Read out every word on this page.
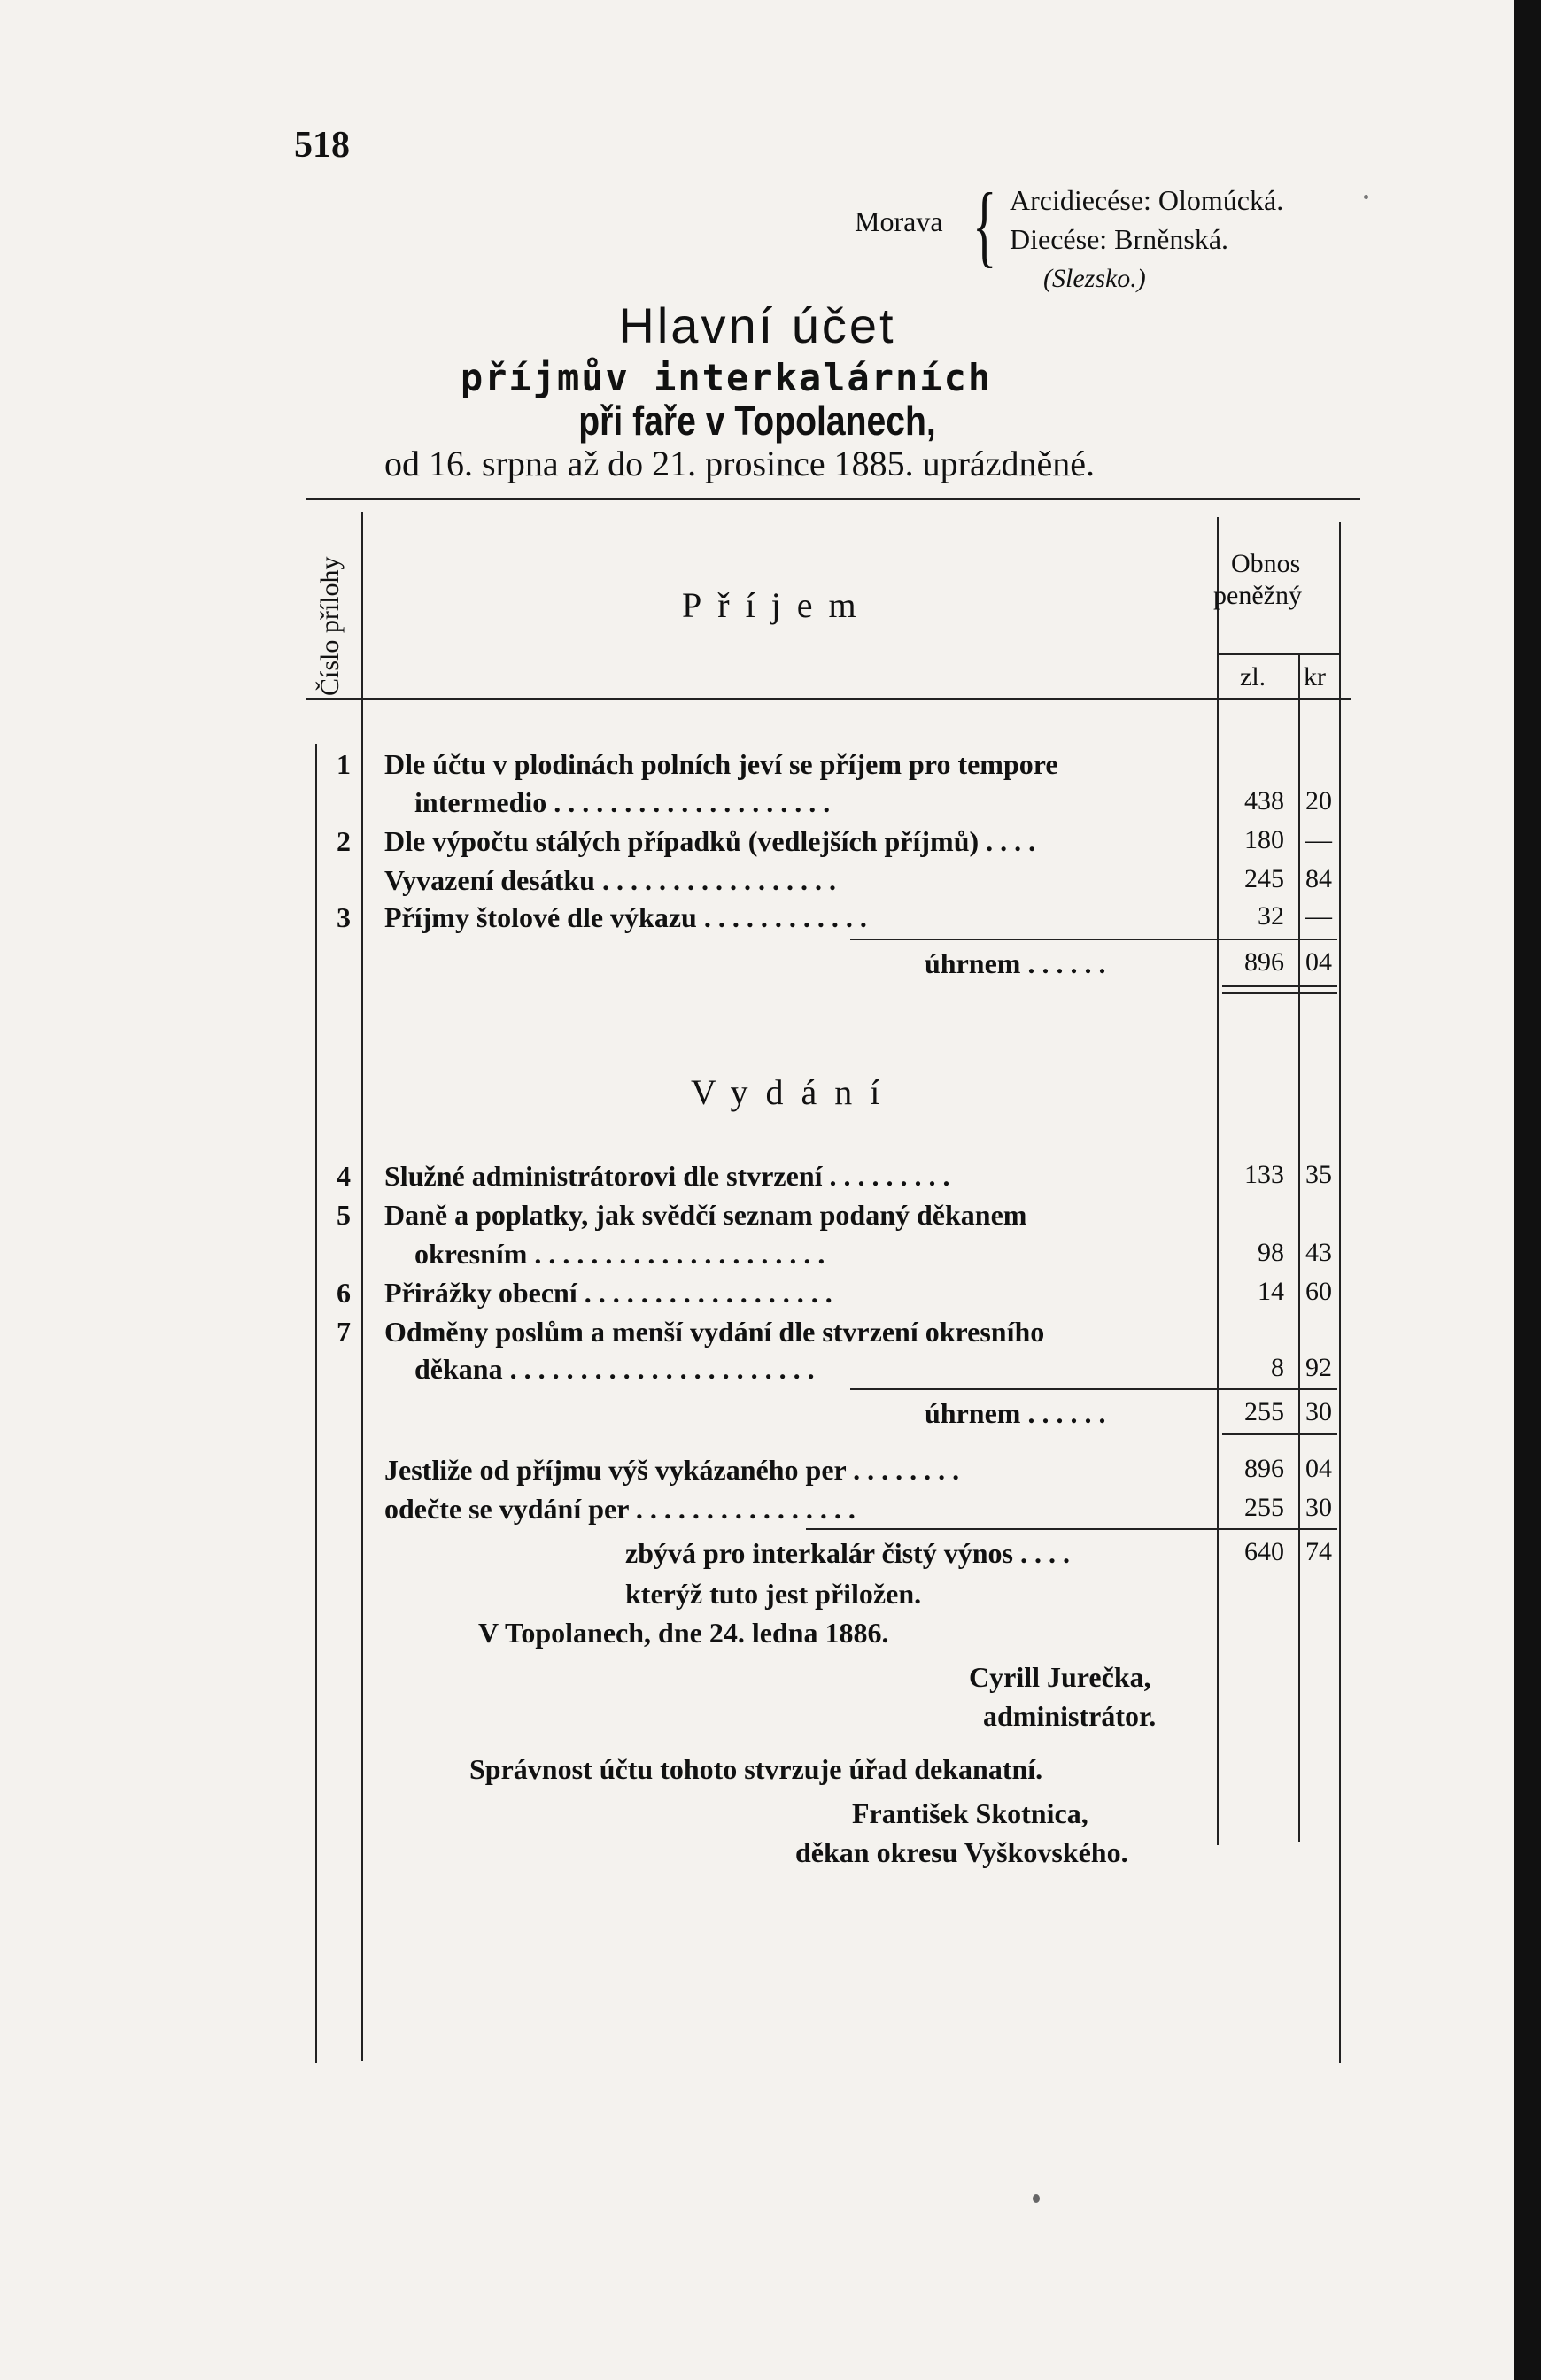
518
Morava { Arcidiecése: Olomúcká.
Diecése: Brněnská.
(Slezsko.)
Hlavní účet
příjmův interkalárních
při faře v Topolanech,
od 16. srpna až do 21. prosince 1885. uprázdněné.
Číslo přílohy	Příjem
Obnos
peněžný
zl. kr
1 Dle účtu v plodinách polních jeví se příjem pro tempore
intermedio . . . . . . . . . . . . . . . . . . . .	438 20
2 Dle výpočtu stálých případků (vedlejších příjmů) . . . .	180 —
Vyvazení desátku . . . . . . . . . . . . . . . . .	245 84
3 Příjmy štolové dle výkazu . . . . . . . . . . . .	32 —
úhrnem . . . . . .	896 04
Vydání
4 Služné administrátorovi dle stvrzení . . . . . . . . .	133 35
5 Daně a poplatky, jak svědčí seznam podaný děkanem
okresním . . . . . . . . . . . . . . . . . . . . .	98 43
6 Přirážky obecní . . . . . . . . . . . . . . . . . .	14 60
7 Odměny poslům a menší vydání dle stvrzení okresního
děkana . . . . . . . . . . . . . . . . . . . . . .	8 92
úhrnem . . . . . .	255 30
Jestliže od příjmu výš vykázaného per . . . . . . . .	896 04
odečte se vydání per . . . . . . . . . . . . . . . .	255 30
zbývá pro interkalár čistý výnos . . . .	640 74
kterýž tuto jest přiložen.
V Topolanech, dne 24. ledna 1886.
Cyrill Jurečka,
administrátor.
Správnost účtu tohoto stvrzuje úřad dekanatní.
František Skotnica,
děkan okresu Vyškovského.
